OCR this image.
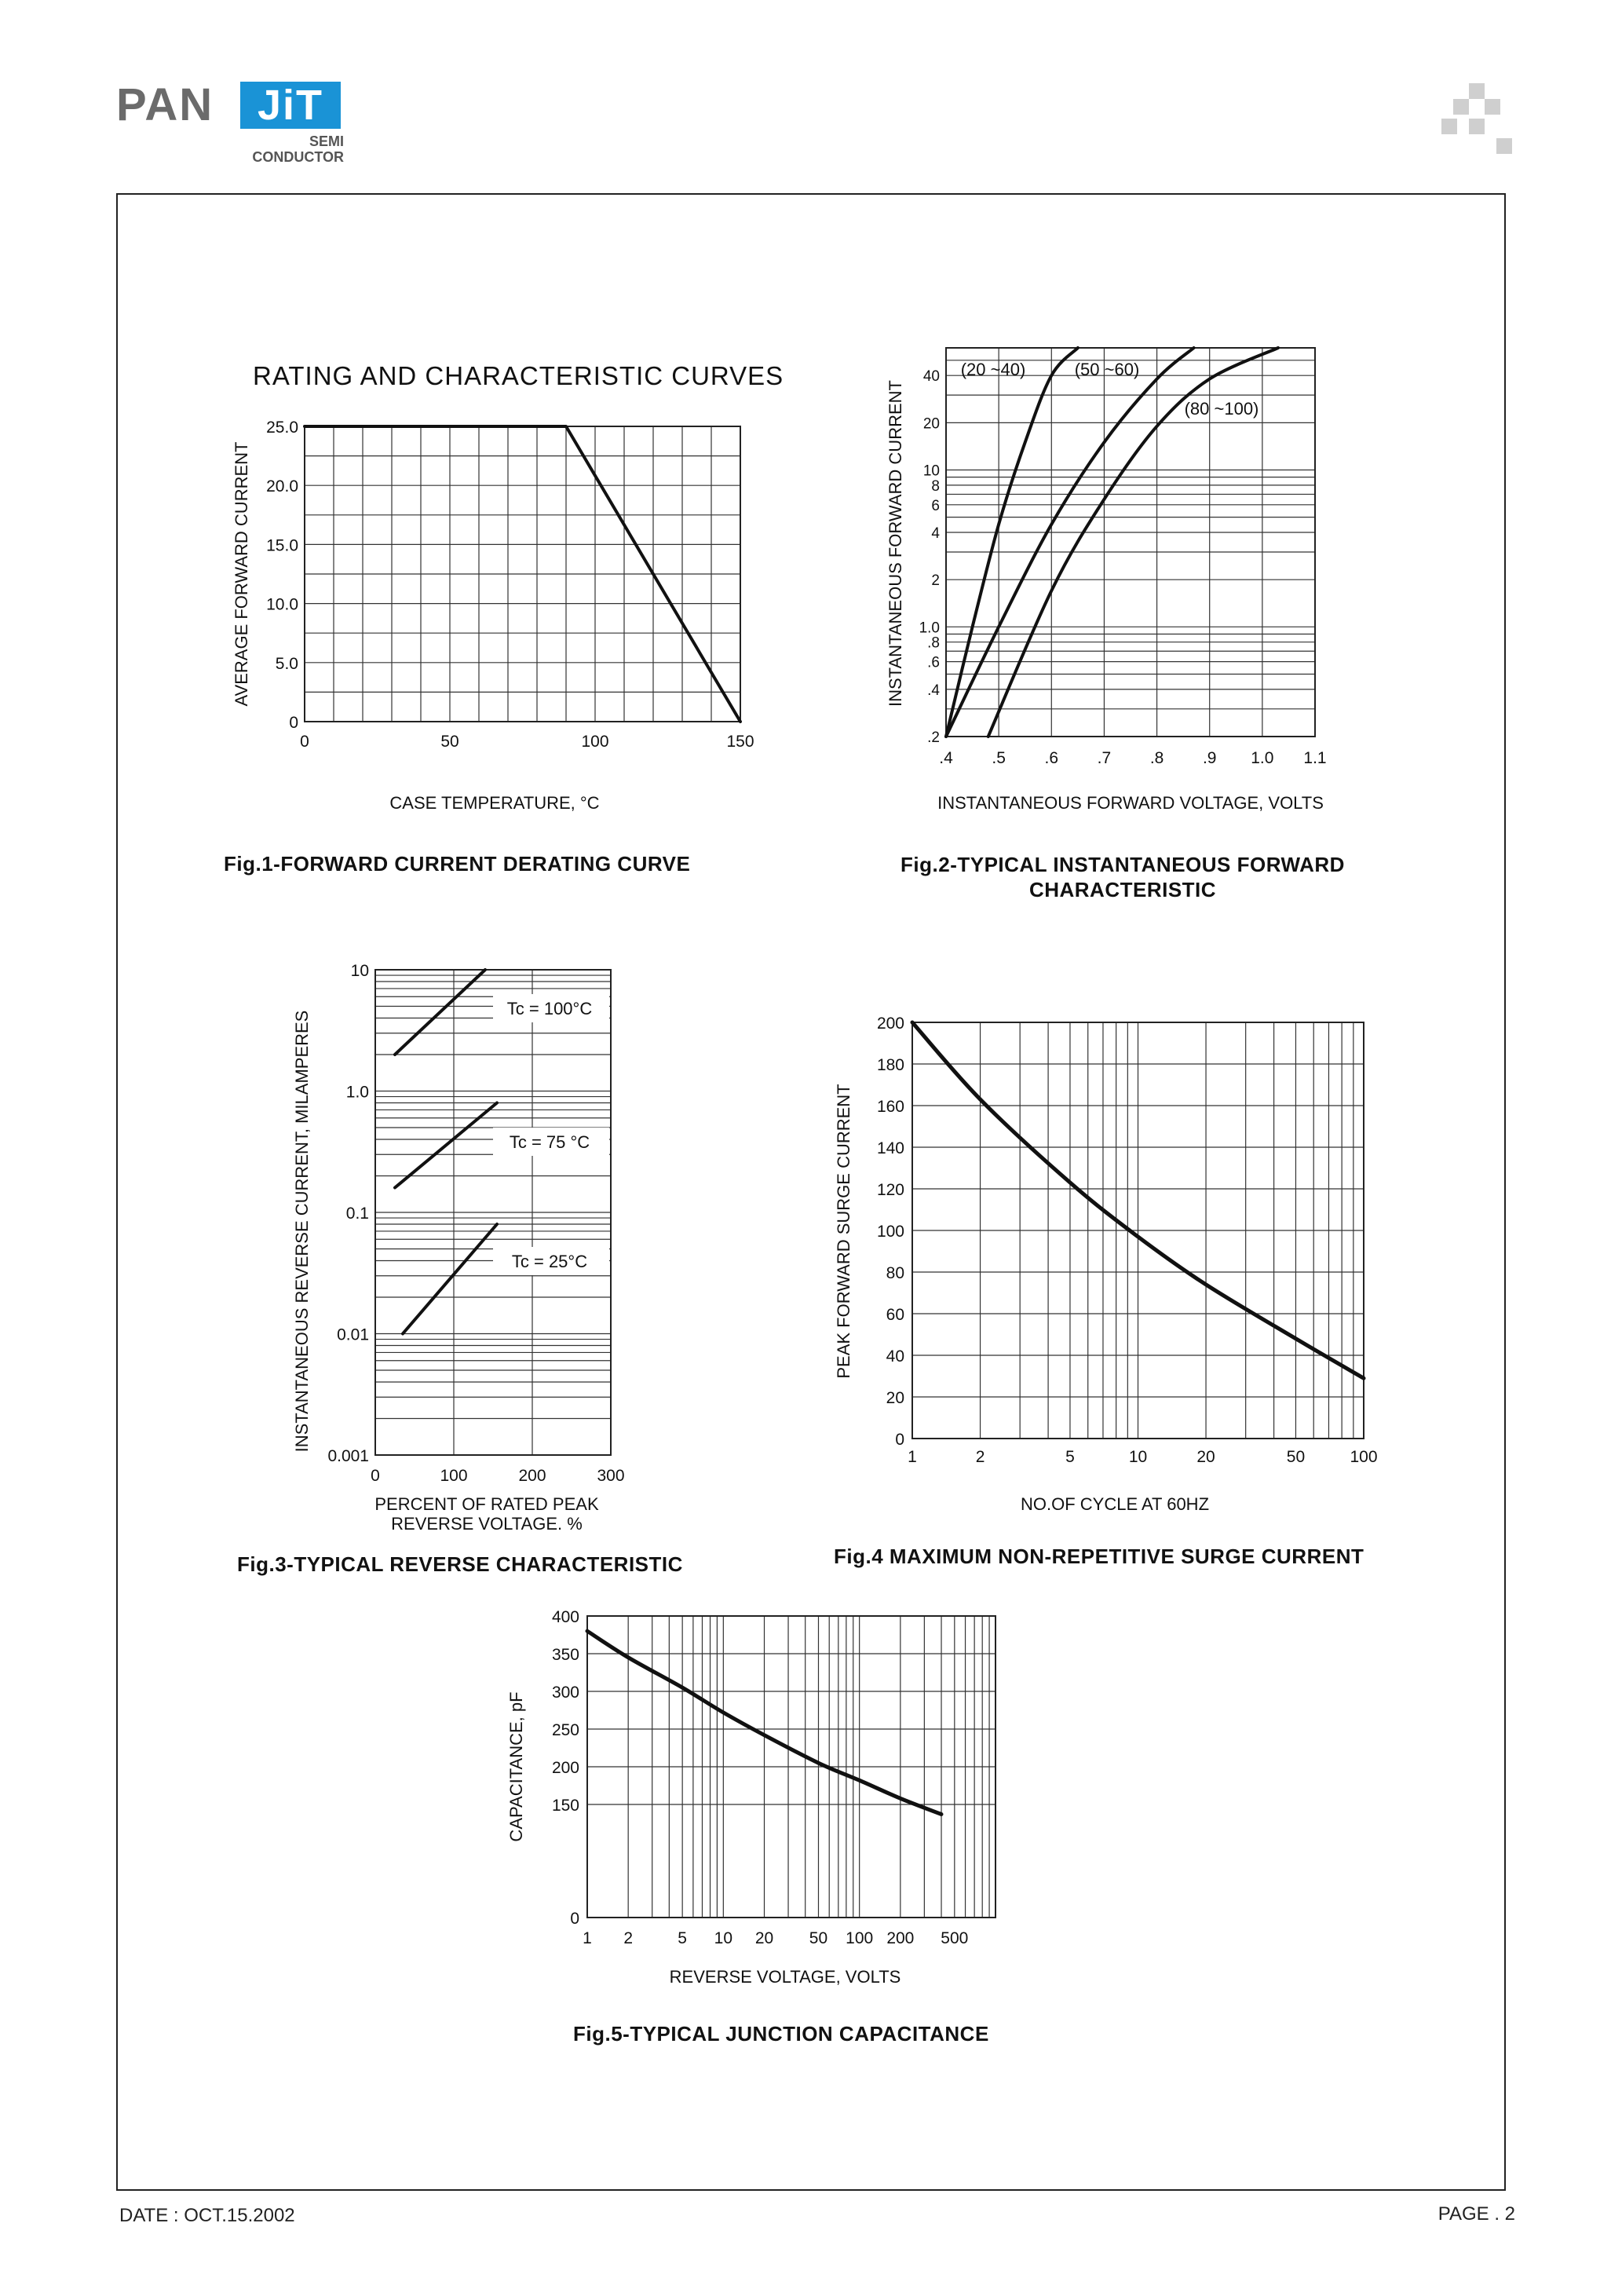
PAN	JiT
SEMI
CONDUCTOR
RATING AND CHARACTERISTIC CURVES
0	50	100	150
0
5.0
10.0
15.0
20.0
25.0
CASE TEMPERATURE, °C
AVERAGE FORWARD CURRENT
Fig.1-FORWARD CURRENT DERATING CURVE
.4 .5 .6 .7 .8 .9 1.0 1.1
.2
.4
.6
.8
1.0
2
4
6
8
10
20
40 (20 ~40)	(50 ~60)
(80 ~100)
INSTANTANEOUS FORWARD VOLTAGE, VOLTS
INSTANTANEOUS FORWARD CURRENT
Fig.2-TYPICAL INSTANTANEOUS FORWARD CHARACTERISTIC
0	100	200	300
0.001
0.01
0.1
1.0
10
Tc = 100°C
Tc = 75 °C
Tc = 25°C
PERCENT OF RATED PEAK
REVERSE VOLTAGE. %
INSTANTANEOUS REVERSE CURRENT, MILAMPERES
Fig.3-TYPICAL REVERSE CHARACTERISTIC
1	2	5	10	20	50	100
0
20
40
60
80
100
120
140
160
180
200
NO.OF CYCLE AT 60HZ
PEAK FORWARD SURGE CURRENT
Fig.4 MAXIMUM NON-REPETITIVE SURGE CURRENT
1 2	5 10 20 50 100 200 500
0
150
200
250
300
350
400
REVERSE VOLTAGE, VOLTS
CAPACITANCE, pF
Fig.5-TYPICAL JUNCTION CAPACITANCE
DATE : OCT.15.2002	PAGE . 2
